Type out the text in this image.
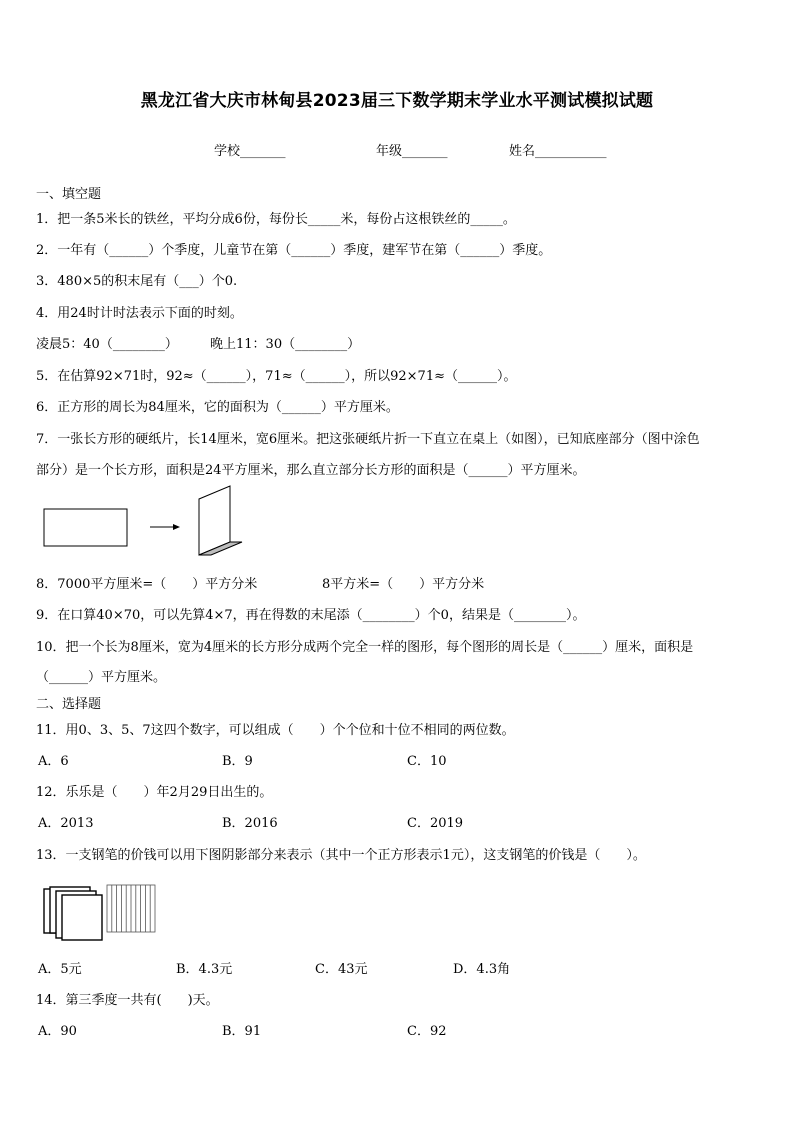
黑龙江省大庆市林甸县2023届三下数学期末学业水平测试模拟试题
学校_______	年级_______	姓名___________
一、填空题
1．把一条5米长的铁丝，平均分成6份，每份长_____米，每份占这根铁丝的_____。
2．一年有（______）个季度，儿童节在第（______）季度，建军节在第（______）季度。
3．480×5的积末尾有（___）个0.
4．用24时计时法表示下面的时刻。
凌晨5：40（________） 晚上11：30（________）
5．在估算92×71时，92≈（______），71≈（______），所以92×71≈（______）。
6．正方形的周长为84厘米，它的面积为（______）平方厘米。
7．一张长方形的硬纸片，长14厘米，宽6厘米。把这张硬纸片折一下直立在桌上（如图），已知底座部分（图中涂色
部分）是一个长方形，面积是24平方厘米，那么直立部分长方形的面积是（______）平方厘米。
8．7000平方厘米=（　　）平方分米	8平方米=（　　）平方分米
9．在口算40×70，可以先算4×7，再在得数的末尾添（________）个0，结果是（________）。
10．把一个长为8厘米，宽为4厘米的长方形分成两个完全一样的图形，每个图形的周长是（______）厘米，面积是
（______）平方厘米。
二、选择题
11．用0、3、5、7这四个数字，可以组成（　　）个个位和十位不相同的两位数。
A．6	B．9	C．10
12．乐乐是（　　）年2月29日出生的。
A．2013	B．2016	C．2019
13．一支钢笔的价钱可以用下图阴影部分来表示（其中一个正方形表示1元），这支钢笔的价钱是（　　）。
A．5元	B．4.3元	C．43元	D．4.3角
14．第三季度一共有(　　)天。
A．90	B．91	C．92
